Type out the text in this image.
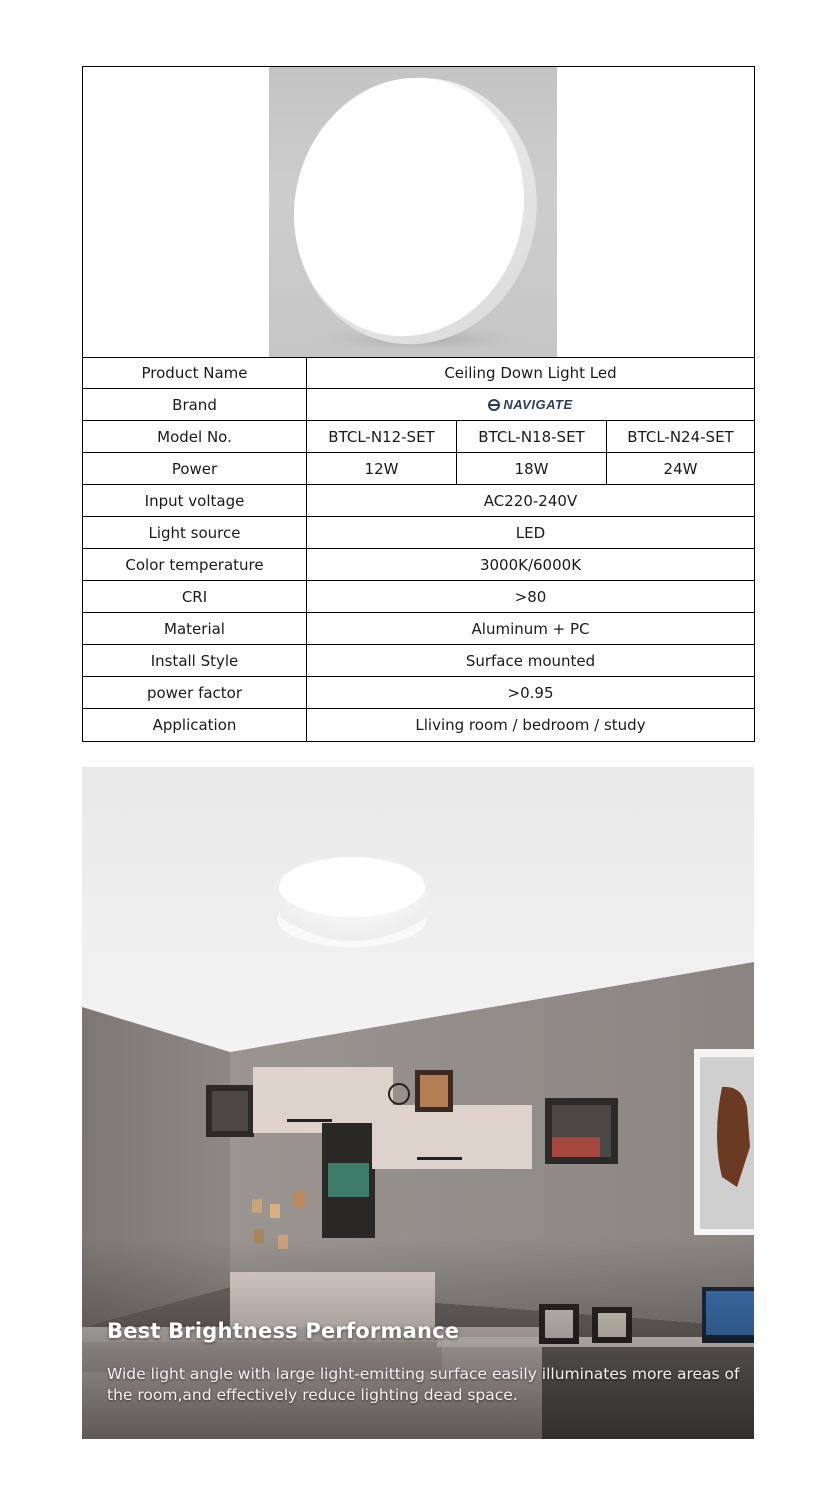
Product Name	Ceiling Down Light Led
Brand	NAVIGATE
Model No.	BTCL-N12-SET	BTCL-N18-SET	BTCL-N24-SET
Power	12W	18W	24W
Input voltage	AC220-240V
Light source	LED
Color temperature	3000K/6000K
CRI	>80
Material	Aluminum + PC
Install Style	Surface mounted
power factor	>0.95
Application	Lliving room / bedroom / study
Best Brightness Performance
Wide light angle with large light-emitting surface easily illuminates more areas of the room,and effectively reduce lighting dead space.
